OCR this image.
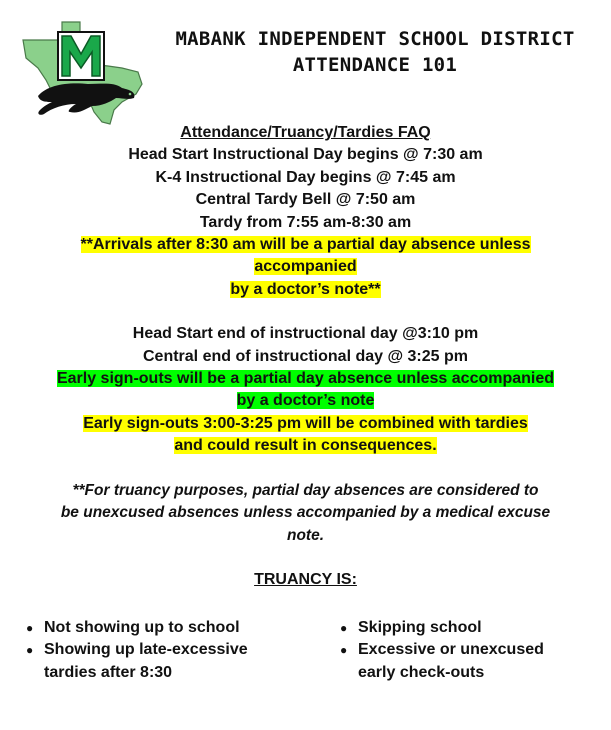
MABANK INDEPENDENT SCHOOL DISTRICT
ATTENDANCE 101
Attendance/Truancy/Tardies FAQ
Head Start Instructional Day begins @ 7:30 am
K-4 Instructional Day begins @ 7:45 am
Central Tardy Bell @ 7:50 am
Tardy from 7:55 am-8:30 am
**Arrivals after 8:30 am will be a partial day absence unless
accompanied
by a doctor’s note**
Head Start end of instructional day @3:10 pm
Central end of instructional day @ 3:25 pm
Early sign-outs will be a partial day absence unless accompanied
by a doctor’s note
Early sign-outs 3:00-3:25 pm will be combined with tardies
and could result in consequences.
**For truancy purposes, partial day absences are considered to
be unexcused absences unless accompanied by a medical excuse
note.
TRUANCY IS:
● Not showing up to school
● Showing up late-excessive
tardies after 8:30
● Skipping school
● Excessive or unexcused
early check-outs
